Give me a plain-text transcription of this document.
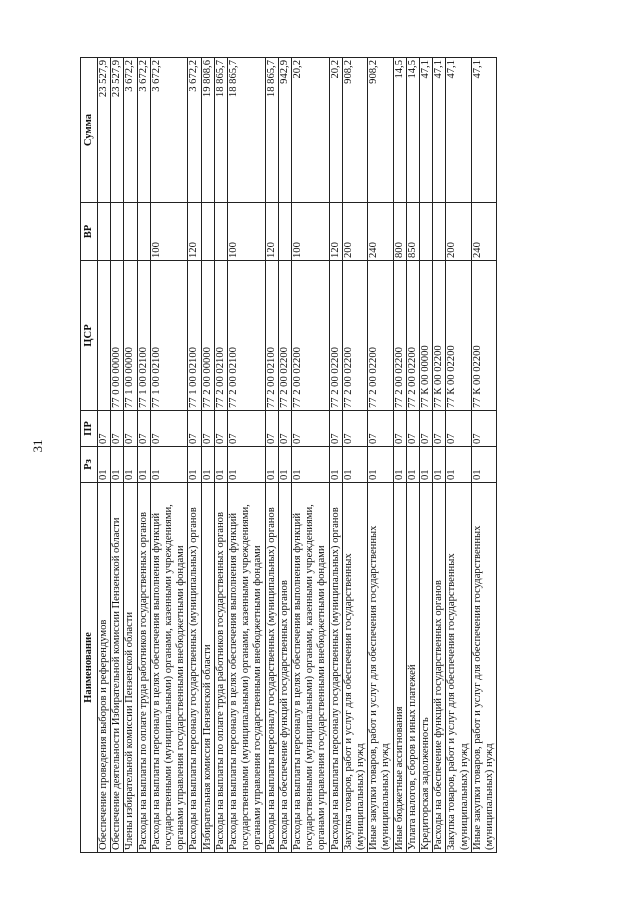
31
Наименование	Рз	ПР	ЦСР	ВР	Сумма
Обеспечение проведения выборов и референдумов	01	07			23 527,9
Обеспечение деятельности Избирательной комиссии Пензенской области	01	07	77 0 00 00000		23 527,9
Члены избирательной комиссии Пензенской области	01	07	77 1 00 00000		3 672,2
Расходы на выплаты по оплате труда работников государственных органов	01	07	77 1 00 02100		3 672,2
Расходы на выплаты персоналу в целях обеспечения выполнения функций государственными (муниципальными) органами, казенными учреждениями, органами управления государственными внебюджетными фондами	01	07	77 1 00 02100	100	3 672,2
Расходы на выплаты персоналу государственных (муниципальных) органов	01	07	77 1 00 02100	120	3 672,2
Избирательная комиссия Пензенской области	01	07	77 2 00 00000		19 808,6
Расходы на выплаты по оплате труда работников государственных органов	01	07	77 2 00 02100		18 865,7
Расходы на выплаты персоналу в целях обеспечения выполнения функций государственными (муниципальными) органами, казенными учреждениями, органами управления государственными внебюджетными фондами	01	07	77 2 00 02100	100	18 865,7
Расходы на выплаты персоналу государственных (муниципальных) органов	01	07	77 2 00 02100	120	18 865,7
Расходы на обеспечение функций государственных органов	01	07	77 2 00 02200		942,9
Расходы на выплаты персоналу в целях обеспечения выполнения функций государственными (муниципальными) органами, казенными учреждениями, органами управления государственными внебюджетными фондами	01	07	77 2 00 02200	100	20,2
Расходы на выплаты персоналу государственных (муниципальных) органов	01	07	77 2 00 02200	120	20,2
Закупка товаров, работ и услуг для обеспечения государственных (муниципальных) нужд	01	07	77 2 00 02200	200	908,2
Иные закупки товаров, работ и услуг для обеспечения государственных (муниципальных) нужд	01	07	77 2 00 02200	240	908,2
Иные бюджетные ассигнования	01	07	77 2 00 02200	800	14,5
Уплата налогов, сборов и иных платежей	01	07	77 2 00 02200	850	14,5
Кредиторская задолженность	01	07	77 К 00 00000		47,1
Расходы на обеспечение функций государственных органов	01	07	77 К 00 02200		47,1
Закупка товаров, работ и услуг для обеспечения государственных (муниципальных) нужд	01	07	77 К 00 02200	200	47,1
Иные закупки товаров, работ и услуг для обеспечения государственных (муниципальных) нужд	01	07	77 К 00 02200	240	47,1
